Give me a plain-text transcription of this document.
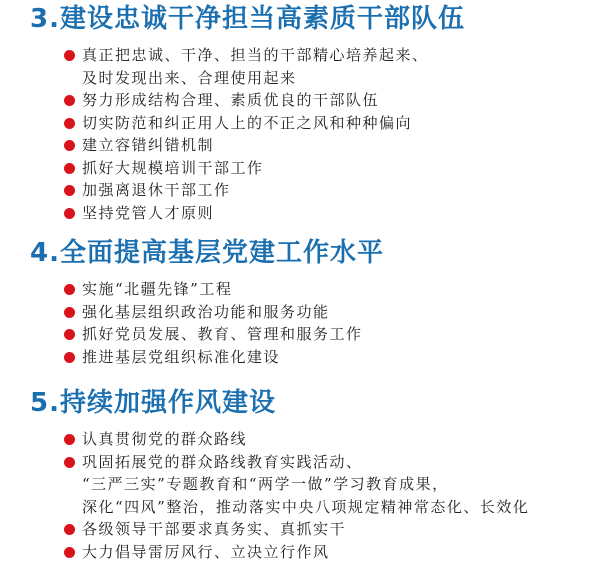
3.建设忠诚干净担当高素质干部队伍
真正把忠诚、干净、担当的干部精心培养起来、
及时发现出来、合理使用起来
努力形成结构合理、素质优良的干部队伍
切实防范和纠正用人上的不正之风和种种偏向
建立容错纠错机制
抓好大规模培训干部工作
加强离退休干部工作
坚持党管人才原则
4.全面提高基层党建工作水平
实施“北疆先锋”工程
强化基层组织政治功能和服务功能
抓好党员发展、教育、管理和服务工作
推进基层党组织标准化建设
5.持续加强作风建设
认真贯彻党的群众路线
巩固拓展党的群众路线教育实践活动、
“三严三实”专题教育和“两学一做”学习教育成果，
深化“四风”整治，推动落实中央八项规定精神常态化、长效化
各级领导干部要求真务实、真抓实干
大力倡导雷厉风行、立决立行作风
